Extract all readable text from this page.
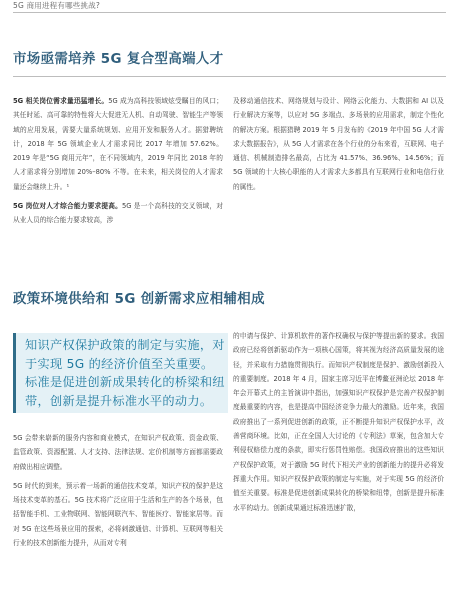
5G 商用进程有哪些挑战?
市场亟需培养 5G 复合型高端人才

5G 相关岗位需求量迅猛增长。5G 成为高科技领域炫受瞩目的风口；其任时延、高可靠的特性将大大促进无人机、自动驾驶、智能生产等领域的应用发展，需要大量系统规划、应用开发和服务人才。据猎聘统计，2018 年 5G 领域企业人才需求同比 2017 年增加 57.62%。2019 年是“5G 商用元年”，在不同领域内，2019 年同比 2018 年的人才需求将分别增加 20%–80% 不等。在未来，相关岗位的人才需求量还会继续上升。¹

5G 岗位对人才综合能力要求提高。5G 是一个高科技的交叉领域，对从业人员的综合能力要求较高，涉

及移动通信技术、网络规划与设计、网络云化能力、大数据和 AI 以及行业解决方案等，以应对 5G 多端点、多场景的应用需求，制定个性化的解决方案。根据猎聘 2019 年 5 月发布的《2019 年中国 5G 人才需求大数据报告》，从 5G 人才需求在各个行业的分布来看，互联网、电子通信、机械制造排名最高，占比为 41.57%、36.96%、14.56%；而 5G 领域的十大核心职能的人才需求大多都具有互联网行业和电信行业的属性。

政策环境供给和 5G 创新需求应相辅相成
知识产权保护政策的制定与实施，对于实现 5G 的经济价值至关重要。标准是促进创新成果转化的桥梁和纽带，创新是提升标准水平的动力。

5G 会带来崭新的服务内容和商业模式，在知识产权政策、资金政策、监管政策、资源配置、人才支持、法律法规、定价机制等方面都需要政府做出相应调整。

5G 时代的到来，预示着一场新的通信技术变革，知识产权的保护是这场技术变革的基石。5G 技术将广泛应用于生活和生产的各个场景，包括智能手机、工业物联网、智能网联汽车、智能医疗、智能家居等。而对 5G 在这些场景应用的探索，必将刺激通信、计算机、互联网等相关行业的技术创新能力提升，从而对专利

的申请与保护、计算机软件的著作权确权与保护等提出新的要求。我国政府已经将创新驱动作为一项核心国策，将其视为经济高质量发展的途径，并采取有力措施贯彻执行。而知识产权制度是保护、激励创新投入的重要制度。2018 年 4 月，国家主席习近平在博鳌亚洲论坛 2018 年年会开幕式上的主旨演讲中指出，加强知识产权保护是完善产权保护制度最重要的内容，也是提高中国经济竞争力最大的激励。近年来，我国政府推出了一系列促进创新的政策，正不断提升知识产权保护水平，改善营商环境。比如，正在全国人大讨论的《专利法》草案，包含加大专利侵权赔偿力度的条款，即实行惩罚性赔偿。我国政府推出的这些知识产权保护政策，对于激励 5G 时代下相关产业的创新能力的提升必将发挥重大作用。知识产权保护政策的制定与实施，对于实现 5G 的经济价值至关重要。标准是促进创新成果转化的桥梁和纽带，创新是提升标准水平的动力。创新成果通过标准迅速扩散，
